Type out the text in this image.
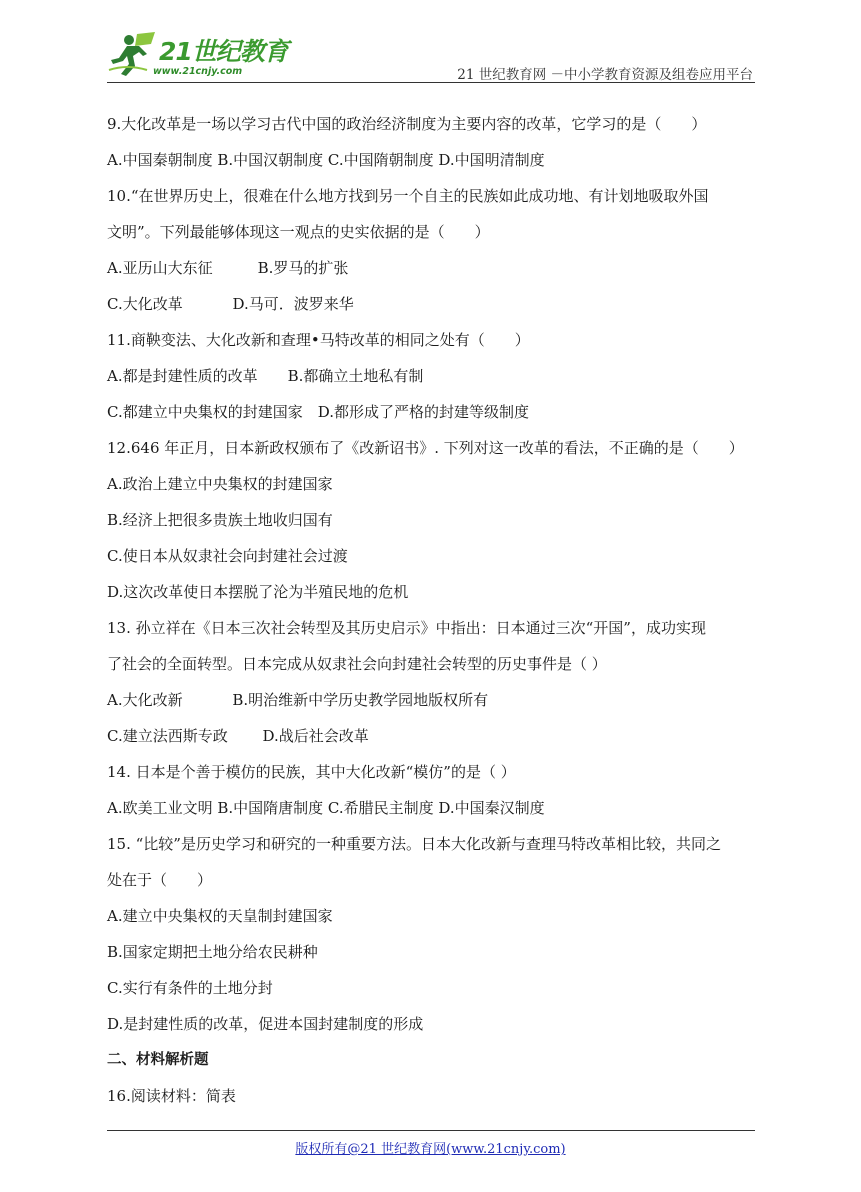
21世纪教育
www.21cnjy.com	21 世纪教育网 －中小学教育资源及组卷应用平台

9.大化改革是一场以学习古代中国的政治经济制度为主要内容的改革，它学习的是（　　）

A.中国秦朝制度 B.中国汉朝制度 C.中国隋朝制度 D.中国明清制度

10.“在世界历史上，很难在什么地方找到另一个自主的民族如此成功地、有计划地吸取外国

文明”。下列最能够体现这一观点的史实依据的是（　　）

A.亚历山大东征　　　B.罗马的扩张

C.大化改革　　　 D.马可．波罗来华

11.商鞅变法、大化改新和查理•马特改革的相同之处有（　　）

A.都是封建性质的改革　　B.都确立土地私有制

C.都建立中央集权的封建国家　D.都形成了严格的封建等级制度

12.646 年正月，日本新政权颁布了《改新诏书》. 下列对这一改革的看法，不正确的是（　　）

A.政治上建立中央集权的封建国家

B.经济上把很多贵族土地收归国有

C.使日本从奴隶社会向封建社会过渡

D.这次改革使日本摆脱了沦为半殖民地的危机

13. 孙立祥在《日本三次社会转型及其历史启示》中指出：日本通过三次“开国”，成功实现

了社会的全面转型。日本完成从奴隶社会向封建社会转型的历史事件是（ ）

A.大化改新　　　 B.明治维新中学历史教学园地版权所有

C.建立法西斯专政　　 D.战后社会改革

14. 日本是个善于模仿的民族，其中大化改新“模仿”的是（ ）

A.欧美工业文明 B.中国隋唐制度 C.希腊民主制度 D.中国秦汉制度

15. “比较”是历史学习和研究的一种重要方法。日本大化改新与查理马特改革相比较，共同之

处在于（　　）

A.建立中央集权的天皇制封建国家

B.国家定期把土地分给农民耕种

C.实行有条件的土地分封

D.是封建性质的改革，促进本国封建制度的形成

二、材料解析题

16.阅读材料：简表

版权所有@21 世纪教育网(www.21cnjy.com)
